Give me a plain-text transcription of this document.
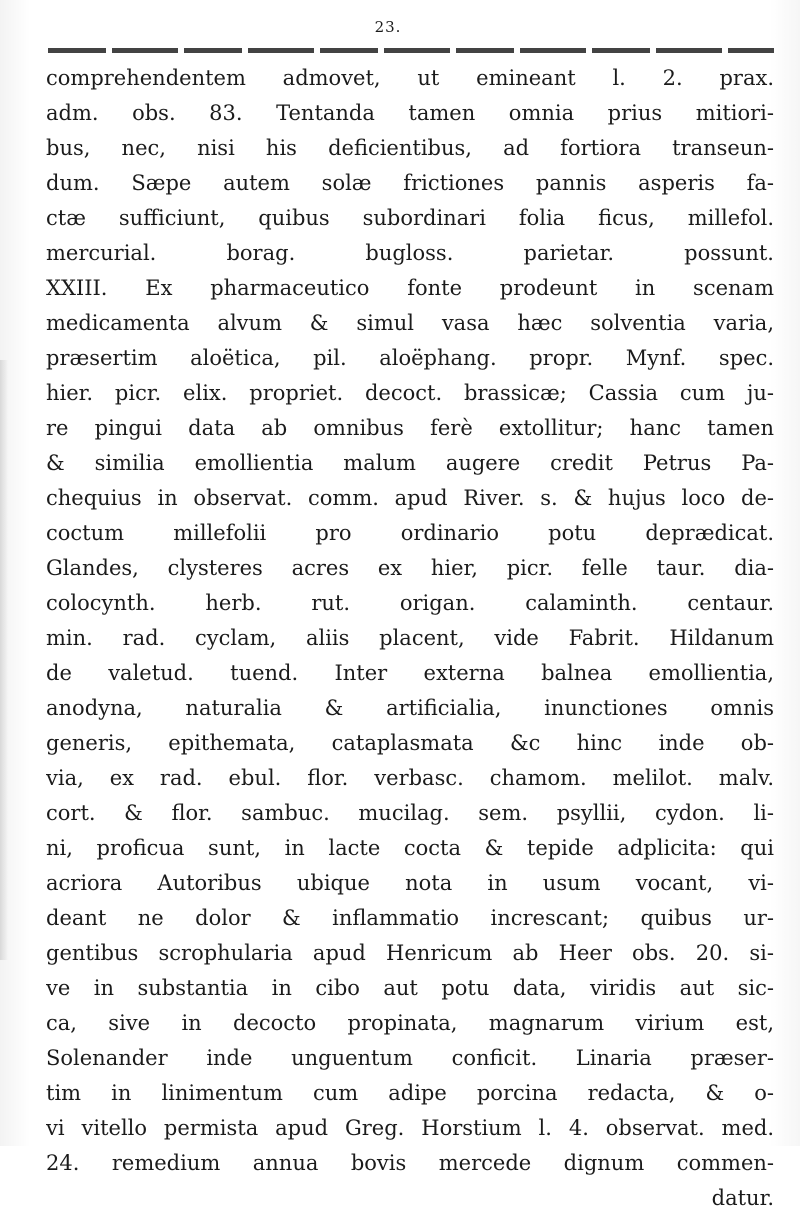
23.
comprehendentem admovet, ut emineant l. 2. prax.
adm. obs. 83. Tentanda tamen omnia prius mitiori-
bus, nec, nisi his deficientibus, ad fortiora transeun-
dum. Sæpe autem solæ frictiones pannis asperis fa-
ctæ sufficiunt, quibus subordinari folia ficus, millefol.
mercurial. borag. bugloss. parietar. possunt.
XXIII. Ex pharmaceutico fonte prodeunt in scenam
medicamenta alvum & simul vasa hæc solventia varia,
præsertim aloëtica, pil. aloëphang. propr. Mynf. spec.
hier. picr. elix. propriet. decoct. brassicæ; Cassia cum ju-
re pingui data ab omnibus ferè extollitur; hanc tamen
& similia emollientia malum augere credit Petrus Pa-
chequius in observat. comm. apud River. s. & hujus loco de-
coctum millefolii pro ordinario potu deprædicat.
Glandes, clysteres acres ex hier, picr. felle taur. dia-
colocynth. herb. rut. origan. calaminth. centaur.
min. rad. cyclam, aliis placent, vide Fabrit. Hildanum
de valetud. tuend. Inter externa balnea emollientia,
anodyna, naturalia & artificialia, inunctiones omnis
generis, epithemata, cataplasmata &c hinc inde ob-
via, ex rad. ebul. flor. verbasc. chamom. melilot. malv.
cort. & flor. sambuc. mucilag. sem. psyllii, cydon. li-
ni, proficua sunt, in lacte cocta & tepide adplicita: qui
acriora Autoribus ubique nota in usum vocant, vi-
deant ne dolor & inflammatio increscant; quibus ur-
gentibus scrophularia apud Henricum ab Heer obs. 20. si-
ve in substantia in cibo aut potu data, viridis aut sic-
ca, sive in decocto propinata, magnarum virium est,
Solenander inde unguentum conficit. Linaria præser-
tim in linimentum cum adipe porcina redacta, & o-
vi vitello permista apud Greg. Horstium l. 4. observat. med.
24. remedium annua bovis mercede dignum commen-
datur.
